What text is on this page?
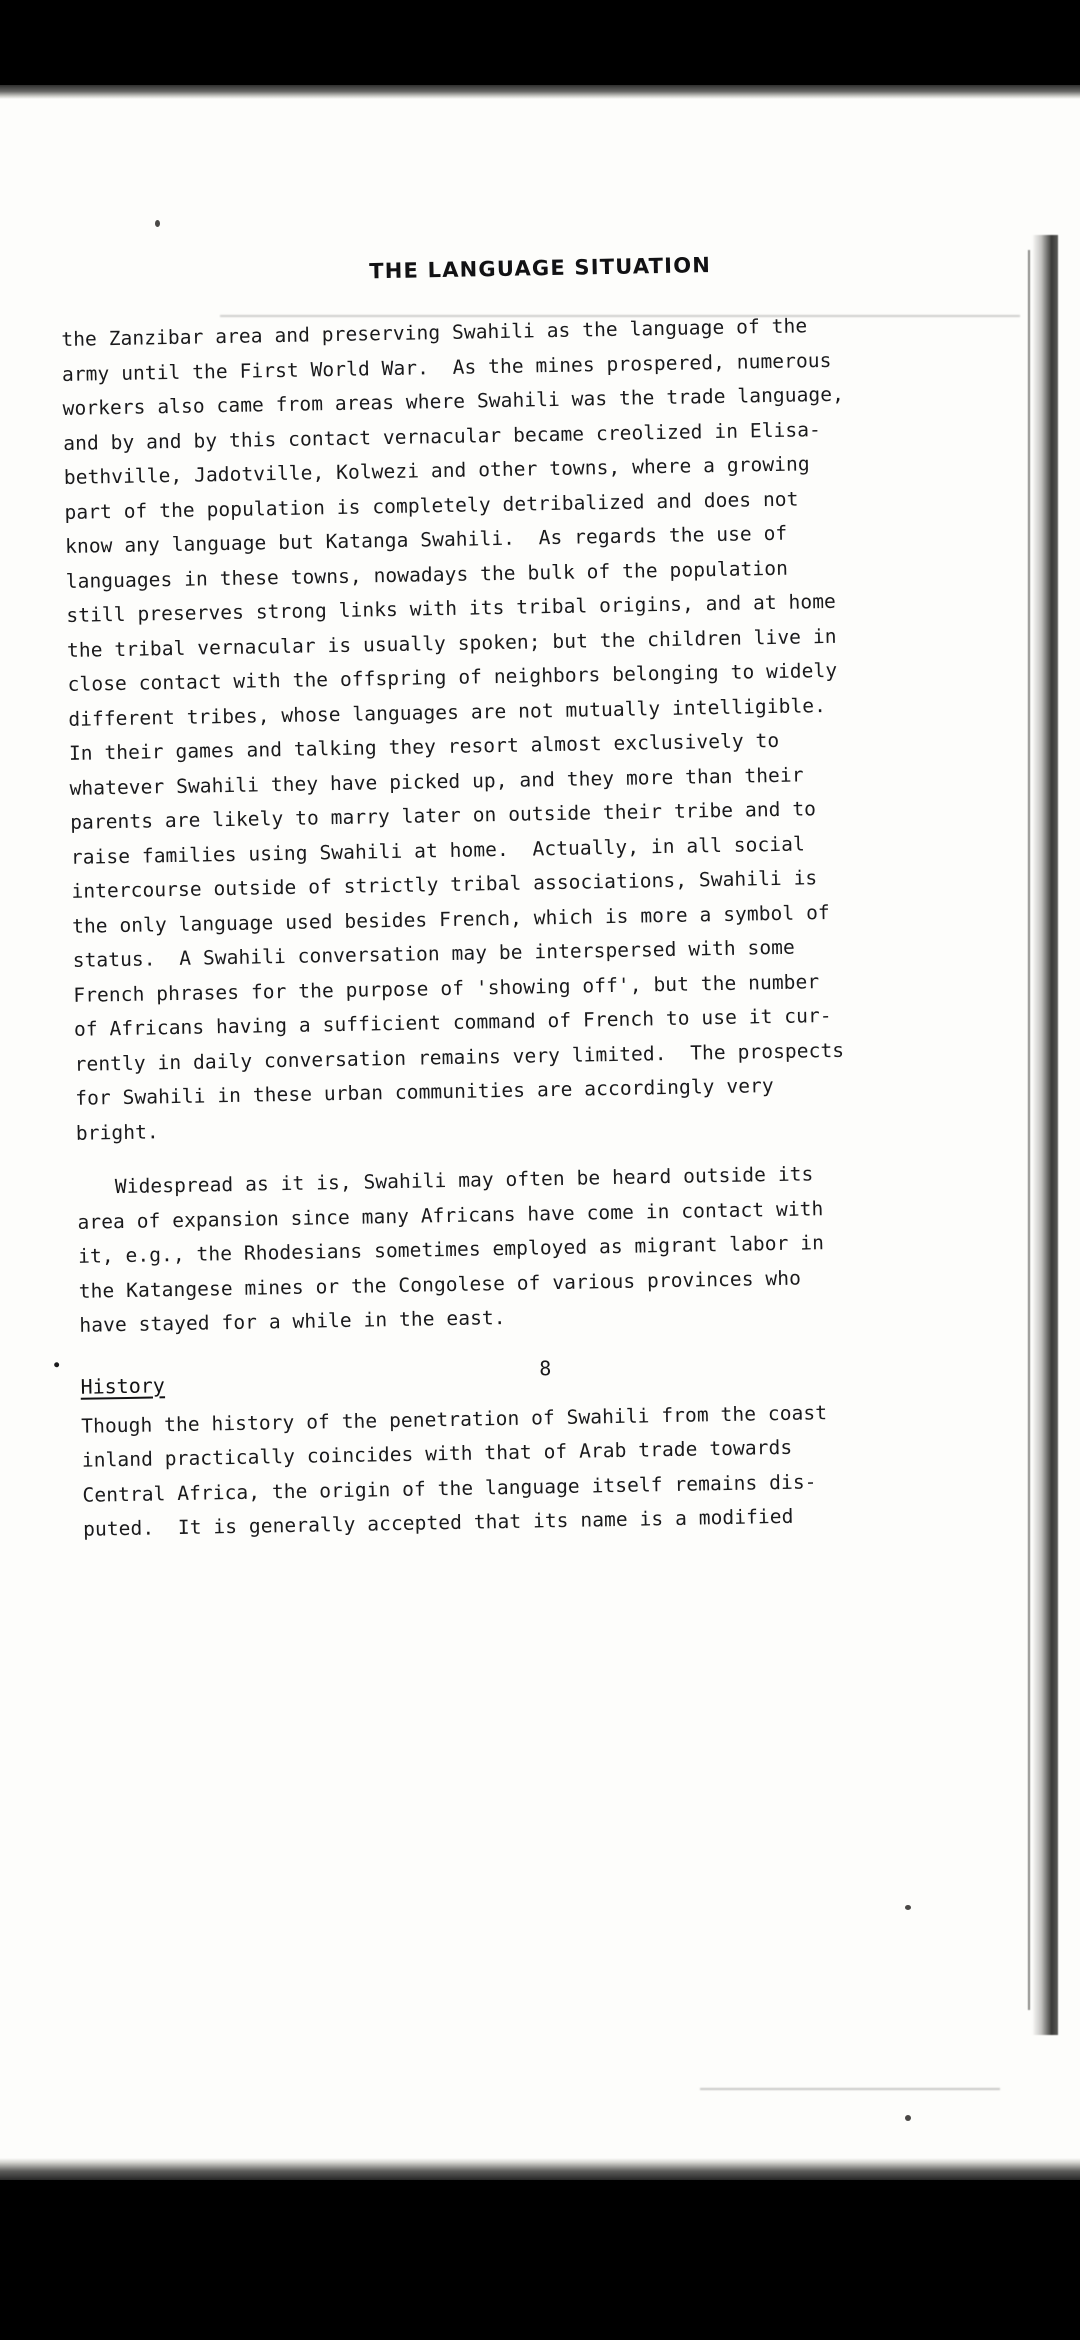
THE LANGUAGE SITUATION

the Zanzibar area and preserving Swahili as the language of the
army until the First World War.  As the mines prospered, numerous
workers also came from areas where Swahili was the trade language,
and by and by this contact vernacular became creolized in Elisa-
bethville, Jadotville, Kolwezi and other towns, where a growing
part of the population is completely detribalized and does not
know any language but Katanga Swahili.  As regards the use of
languages in these towns, nowadays the bulk of the population
still preserves strong links with its tribal origins, and at home
the tribal vernacular is usually spoken; but the children live in
close contact with the offspring of neighbors belonging to widely
different tribes, whose languages are not mutually intelligible.
In their games and talking they resort almost exclusively to
whatever Swahili they have picked up, and they more than their
parents are likely to marry later on outside their tribe and to
raise families using Swahili at home.  Actually, in all social
intercourse outside of strictly tribal associations, Swahili is
the only language used besides French, which is more a symbol of
status.  A Swahili conversation may be interspersed with some
French phrases for the purpose of 'showing off', but the number
of Africans having a sufficient command of French to use it cur-
rently in daily conversation remains very limited.  The prospects
for Swahili in these urban communities are accordingly very
bright.

Widespread as it is, Swahili may often be heard outside its
area of expansion since many Africans have come in contact with
it, e.g., the Rhodesians sometimes employed as migrant labor in
the Katangese mines or the Congolese of various provinces who
have stayed for a while in the east.

History

Though the history of the penetration of Swahili from the coast
inland practically coincides with that of Arab trade towards
Central Africa, the origin of the language itself remains dis-
puted.  It is generally accepted that its name is a modified

8
